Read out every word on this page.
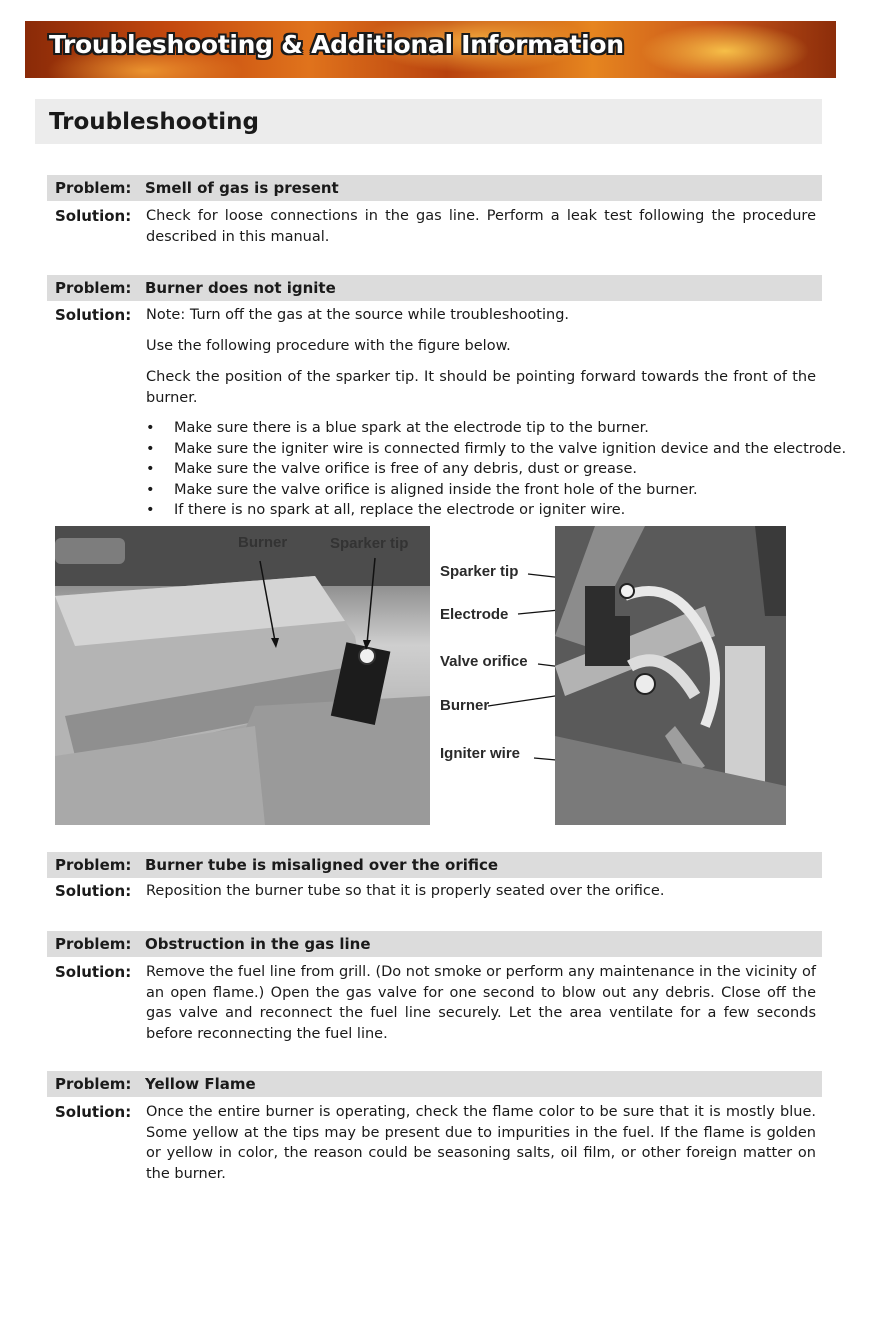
Troubleshooting & Additional Information
Troubleshooting
Problem: Smell of gas is present
Solution: Check for loose connections in the gas line. Perform a leak test following the procedure described in this manual.
Problem: Burner does not ignite
Solution: Note: Turn off the gas at the source while troubleshooting.
Use the following procedure with the figure below.
Check the position of the sparker tip. It should be pointing forward towards the front of the burner.
• Make sure there is a blue spark at the electrode tip to the burner.
• Make sure the igniter wire is connected firmly to the valve ignition device and the electrode.
• Make sure the valve orifice is free of any debris, dust or grease.
• Make sure the valve orifice is aligned inside the front hole of the burner.
• If there is no spark at all, replace the electrode or igniter wire.
Burner	Sparker tip
Sparker tip
Electrode
Valve orifice
Burner
Igniter wire
Problem: Burner tube is misaligned over the orifice
Solution: Reposition the burner tube so that it is properly seated over the orifice.
Problem: Obstruction in the gas line
Solution: Remove the fuel line from grill. (Do not smoke or perform any maintenance in the vicinity of an open flame.) Open the gas valve for one second to blow out any debris. Close off the gas valve and reconnect the fuel line securely. Let the area ventilate for a few seconds before reconnecting the fuel line.
Problem: Yellow Flame
Solution: Once the entire burner is operating, check the flame color to be sure that it is mostly blue. Some yellow at the tips may be present due to impurities in the fuel. If the flame is golden or yellow in color, the reason could be seasoning salts, oil film, or other foreign matter on the burner.
